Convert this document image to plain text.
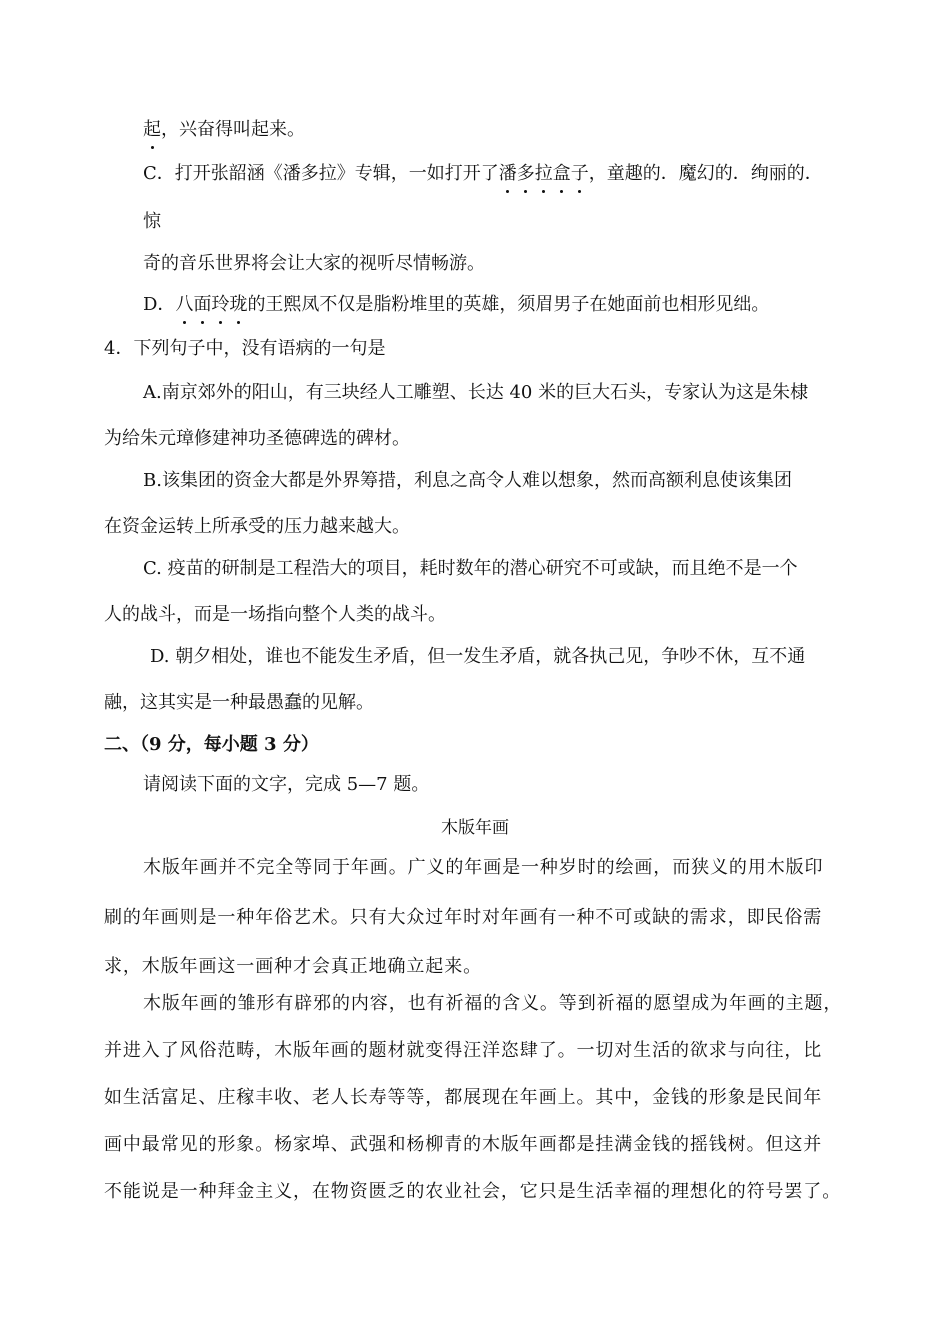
起，兴奋得叫起来。
C．打开张韶涵《潘多拉》专辑，一如打开了潘多拉盒子，童趣的．魔幻的．绚丽的．
惊
奇的音乐世界将会让大家的视听尽情畅游。
D．八面玲珑的王熙凤不仅是脂粉堆里的英雄，须眉男子在她面前也相形见绌。
4．下列句子中，没有语病的一句是
A.南京郊外的阳山，有三块经人工雕塑、长达 40 米的巨大石头，专家认为这是朱棣
为给朱元璋修建神功圣德碑选的碑材。
B.该集团的资金大都是外界筹措，利息之高令人难以想象，然而高额利息使该集团
在资金运转上所承受的压力越来越大。
C. 疫苗的研制是工程浩大的项目，耗时数年的潜心研究不可或缺，而且绝不是一个
人的战斗，而是一场指向整个人类的战斗。
D. 朝夕相处，谁也不能发生矛盾，但一发生矛盾，就各执己见，争吵不休，互不通
融，这其实是一种最愚蠢的见解。
二、（9 分，每小题 3 分）
请阅读下面的文字，完成 5—7 题。
木版年画
木版年画并不完全等同于年画。广义的年画是一种岁时的绘画，而狭义的用木版印
刷的年画则是一种年俗艺术。只有大众过年时对年画有一种不可或缺的需求，即民俗需
求，木版年画这一画种才会真正地确立起来。
木版年画的雏形有辟邪的内容，也有祈福的含义。等到祈福的愿望成为年画的主题，
并进入了风俗范畴，木版年画的题材就变得汪洋恣肆了。一切对生活的欲求与向往，比
如生活富足、庄稼丰收、老人长寿等等，都展现在年画上。其中，金钱的形象是民间年
画中最常见的形象。杨家埠、武强和杨柳青的木版年画都是挂满金钱的摇钱树。但这并
不能说是一种拜金主义，在物资匮乏的农业社会，它只是生活幸福的理想化的符号罢了。
